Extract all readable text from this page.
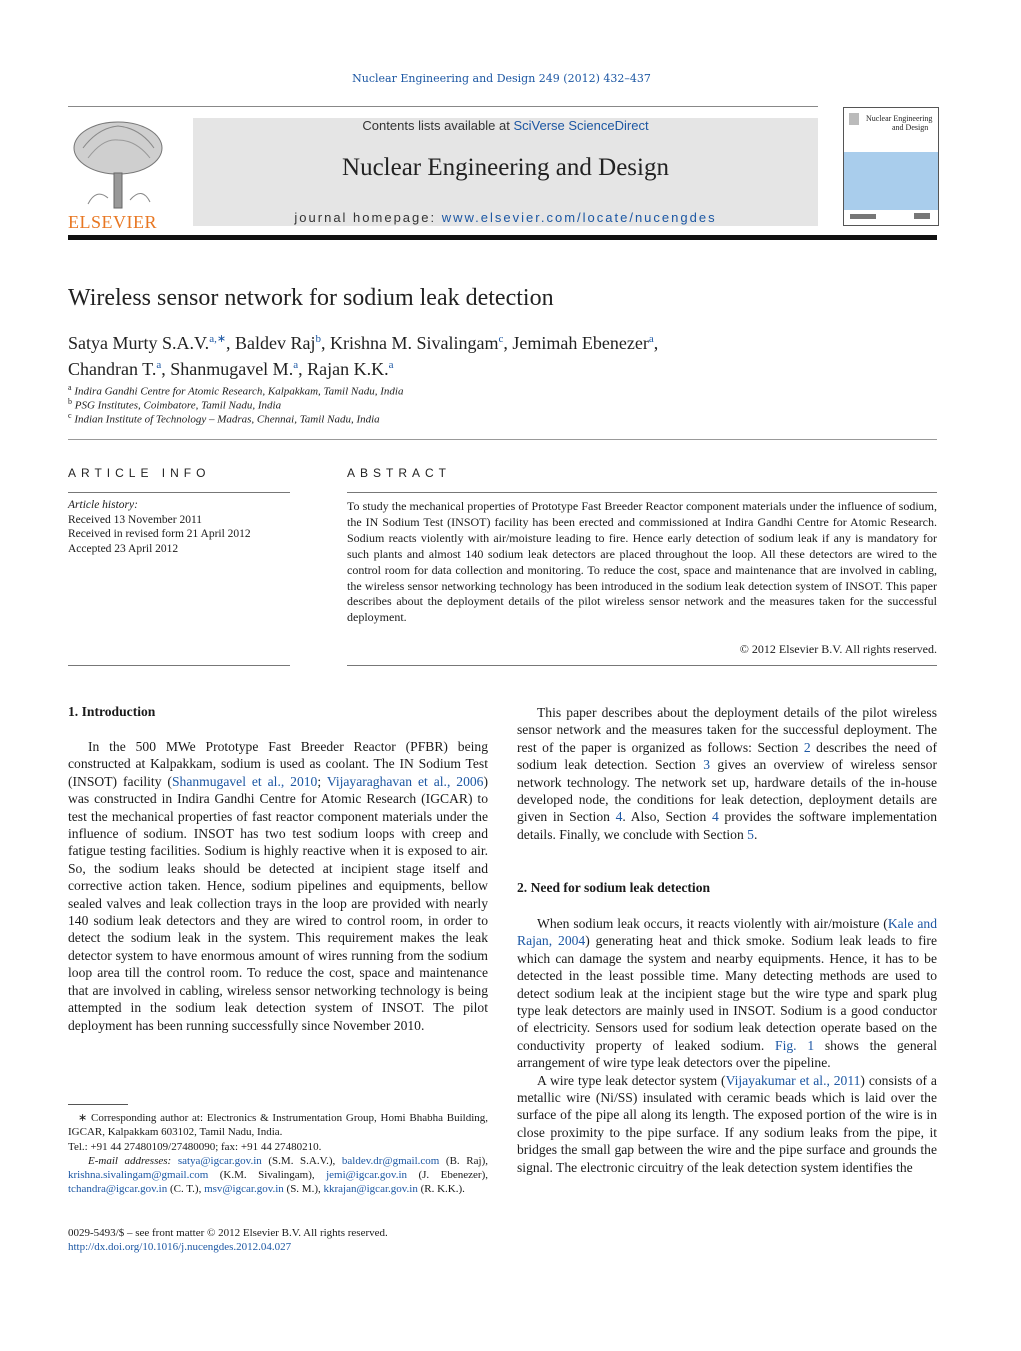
Nuclear Engineering and Design 249 (2012) 432–437
ELSEVIER
Contents lists available at SciVerse ScienceDirect
Nuclear Engineering and Design
journal homepage: www.elsevier.com/locate/nucengdes
Nuclear Engineering
and Design
Wireless sensor network for sodium leak detection
Satya Murty S.A.V.$^{a,∗}$, Baldev Raj$^b$, Krishna M. Sivalingam$^c$, Jemimah Ebenezer$^a$,
Chandran T.$^a$, Shanmugavel M.$^a$, Rajan K.K.$^a$
$^a$ Indira Gandhi Centre for Atomic Research, Kalpakkam, Tamil Nadu, India
$^b$ PSG Institutes, Coimbatore, Tamil Nadu, India
$^c$ Indian Institute of Technology – Madras, Chennai, Tamil Nadu, India
ARTICLE INFO
Article history:
Received 13 November 2011
Received in revised form 21 April 2012
Accepted 23 April 2012
ABSTRACT
To study the mechanical properties of Prototype Fast Breeder Reactor component materials under the influence of sodium, the IN Sodium Test (INSOT) facility has been erected and commissioned at Indira Gandhi Centre for Atomic Research. Sodium reacts violently with air/moisture leading to fire. Hence early detection of sodium leak if any is mandatory for such plants and almost 140 sodium leak detectors are placed throughout the loop. All these detectors are wired to the control room for data collection and monitoring. To reduce the cost, space and maintenance that are involved in cabling, the wireless sensor networking technology has been introduced in the sodium leak detection system of INSOT. This paper describes about the deployment details of the pilot wireless sensor network and the measures taken for the successful deployment.
© 2012 Elsevier B.V. All rights reserved.
1. Introduction

In the 500 MWe Prototype Fast Breeder Reactor (PFBR) being constructed at Kalpakkam, sodium is used as coolant. The IN Sodium Test (INSOT) facility (Shanmugavel et al., 2010; Vijayaraghavan et al., 2006) was constructed in Indira Gandhi Centre for Atomic Research (IGCAR) to test the mechanical properties of fast reactor component materials under the influence of sodium. INSOT has two test sodium loops with creep and fatigue testing facilities. Sodium is highly reactive when it is exposed to air. So, the sodium leaks should be detected at incipient stage itself and corrective action taken. Hence, sodium pipelines and equipments, bellow sealed valves and leak collection trays in the loop are provided with nearly 140 sodium leak detectors and they are wired to control room, in order to detect the sodium leak in the system. This requirement makes the leak detector system to have enormous amount of wires running from the sodium loop area till the control room. To reduce the cost, space and maintenance that are involved in cabling, wireless sensor networking technology is being attempted in the sodium leak detection system of INSOT. The pilot deployment has been running successfully since November 2010.

∗ Corresponding author at: Electronics & Instrumentation Group, Homi Bhabha Building, IGCAR, Kalpakkam 603102, Tamil Nadu, India.
Tel.: +91 44 27480109/27480090; fax: +91 44 27480210.
E-mail addresses: satya@igcar.gov.in (S.M. S.A.V.), baldev.dr@gmail.com (B. Raj), krishna.sivalingam@gmail.com (K.M. Sivalingam), jemi@igcar.gov.in (J. Ebenezer), tchandra@igcar.gov.in (C. T.), msv@igcar.gov.in (S. M.), kkrajan@igcar.gov.in (R. K.K.).
0029-5493/$ – see front matter © 2012 Elsevier B.V. All rights reserved.
http://dx.doi.org/10.1016/j.nucengdes.2012.04.027

This paper describes about the deployment details of the pilot wireless sensor network and the measures taken for the successful deployment. The rest of the paper is organized as follows: Section 2 describes the need of sodium leak detection. Section 3 gives an overview of wireless sensor network technology. The network set up, hardware details of the in-house developed node, the conditions for leak detection, deployment details are given in Section 4. Also, Section 4 provides the software implementation details. Finally, we conclude with Section 5.

2. Need for sodium leak detection

When sodium leak occurs, it reacts violently with air/moisture (Kale and Rajan, 2004) generating heat and thick smoke. Sodium leak leads to fire which can damage the system and nearby equipments. Hence, it has to be detected in the least possible time. Many detecting methods are used to detect sodium leak at the incipient stage but the wire type and spark plug type leak detectors are mainly used in INSOT. Sodium is a good conductor of electricity. Sensors used for sodium leak detection operate based on the conductivity property of leaked sodium. Fig. 1 shows the general arrangement of wire type leak detectors over the pipeline.

A wire type leak detector system (Vijayakumar et al., 2011) consists of a metallic wire (Ni/SS) insulated with ceramic beads which is laid over the surface of the pipe all along its length. The exposed portion of the wire is in close proximity to the pipe surface. If any sodium leaks from the pipe, it bridges the small gap between the wire and the pipe surface and grounds the signal. The electronic circuitry of the leak detection system identifies the
